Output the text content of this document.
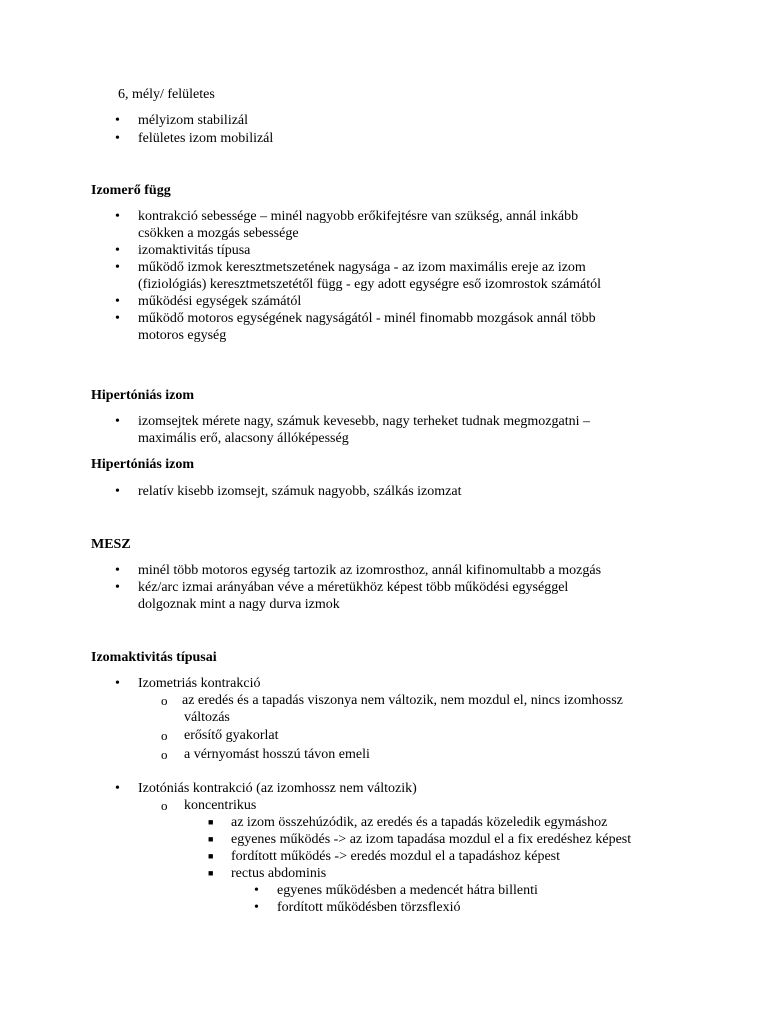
6, mély/ felületes
• mélyizom stabilizál
• felületes izom mobilizál
Izomerő függ
• kontrakció sebessége – minél nagyobb erőkifejtésre van szükség, annál inkább
csökken a mozgás sebessége
• izomaktivitás típusa
• működő izmok keresztmetszetének nagysága - az izom maximális ereje az izom
(fiziológiás) keresztmetszetétől függ - egy adott egységre eső izomrostok számától
• működési egységek számától
• működő motoros egységének nagyságától - minél finomabb mozgások annál több
motoros egység
Hipertóniás izom
• izomsejtek mérete nagy, számuk kevesebb, nagy terheket tudnak megmozgatni –
maximális erő, alacsony állóképesség
Hipertóniás izom
• relatív kisebb izomsejt, számuk nagyobb, szálkás izomzat
MESZ
• minél több motoros egység tartozik az izomrosthoz, annál kifinomultabb a mozgás
• kéz/arc izmai arányában véve a méretükhöz képest több működési egységgel
dolgoznak mint a nagy durva izmok
Izomaktivitás típusai
• Izometriás kontrakció
o az eredés és a tapadás viszonya nem változik, nem mozdul el, nincs izomhossz
változás
o erősítő gyakorlat
o a vérnyomást hosszú távon emeli
• Izotóniás kontrakció (az izomhossz nem változik)
o koncentrikus
■ az izom összehúzódik, az eredés és a tapadás közeledik egymáshoz
■ egyenes működés -> az izom tapadása mozdul el a fix eredéshez képest
■ fordított működés -> eredés mozdul el a tapadáshoz képest
■ rectus abdominis
• egyenes működésben a medencét hátra billenti
• fordított működésben törzsflexió
